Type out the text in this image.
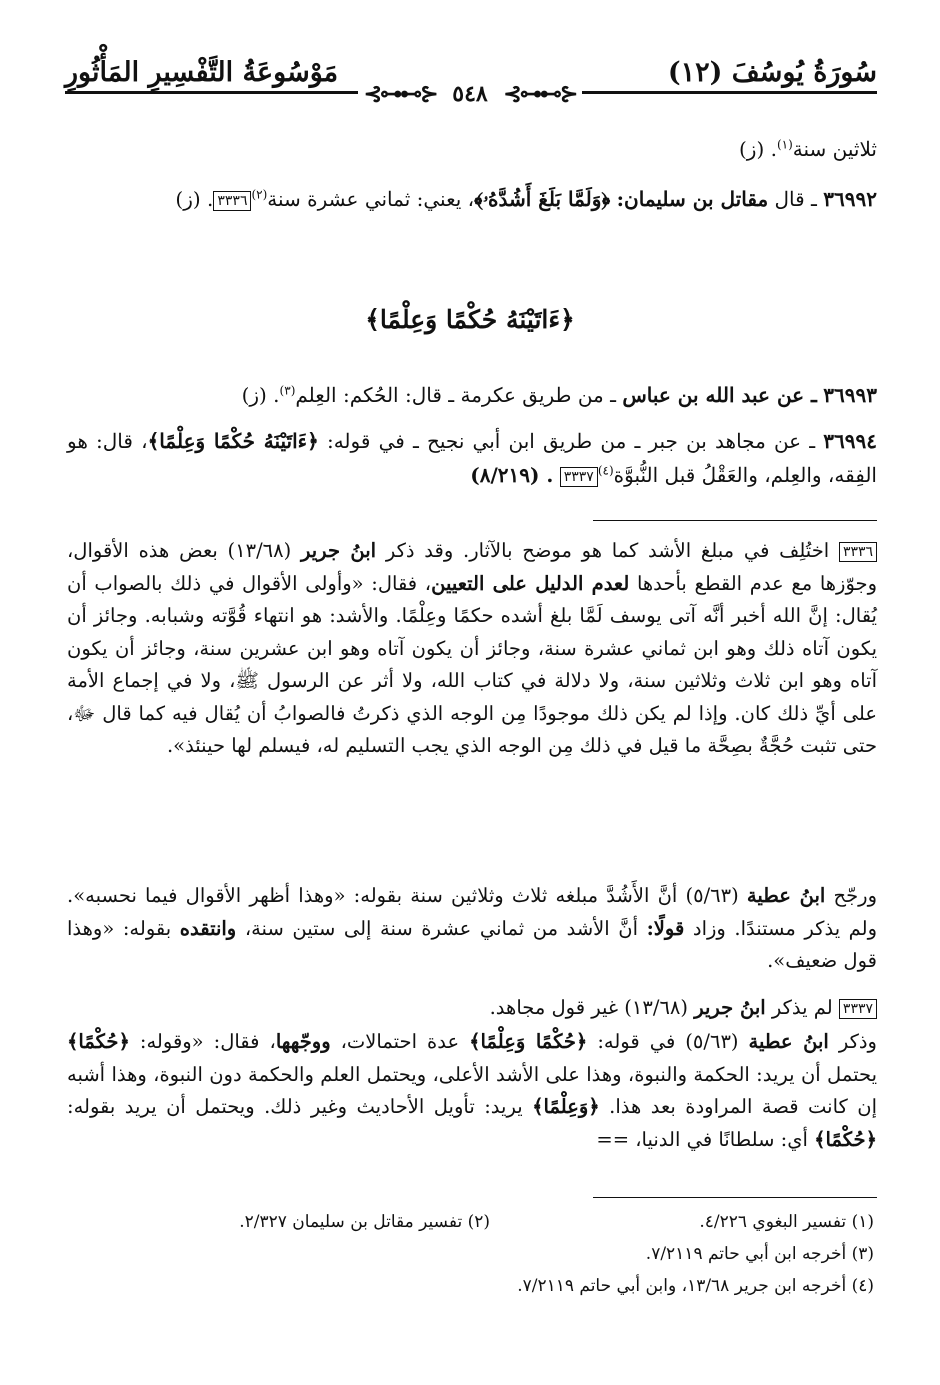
سُورَةُ يُوسُفَ (١٢)
مَوْسُوعَةُ التَّفْسِيرِ المَأْثُورِ
⊰⊶⊷⊱ ٥٤٨ ⊰⊶⊷⊱
ثلاثين سنة$^{(١)}$. (ز)
٣٦٩٩٢ ـ قال مقاتل بن سليمان: ﴿وَلَمَّا بَلَغَ أَشُدَّهُۥ﴾، يعني: ثماني عشرة سنة$^{(٢)}$٣٣٣٦. (ز)
﴿ءَاتَيْنَهُ حُكْمًا وَعِلْمًا﴾
٣٦٩٩٣ ـ عن عبد الله بن عباس ـ من طريق عكرمة ـ قال: الحُكم: العِلم$^{(٣)}$. (ز)
٣٦٩٩٤ ـ عن مجاهد بن جبر ـ من طريق ابن أبي نجيح ـ في قوله: ﴿ءَاتَيْنَهُ حُكْمًا وَعِلْمًا﴾، قال: هو الفِقه، والعِلم، والعَقْلُ قبل النُّبوَّة$^{(٤)}$٣٣٣٧ . (٨/٢١٩)
٣٣٣٦ اختُلِف في مبلغ الأشد كما هو موضح بالآثار. وقد ذكر ابنُ جرير (١٣/٦٨) بعض هذه الأقوال، وجوّزها مع عدم القطع بأحدها لعدم الدليل على التعيين، فقال: «وأولى الأقوال في ذلك بالصواب أن يُقال: إنَّ الله أخبر أنَّه آتى يوسف لَمَّا بلغ أشده حكمًا وعِلْمًا. والأشد: هو انتهاء قُوَّته وشبابه. وجائز أن يكون آتاه ذلك وهو ابن ثماني عشرة سنة، وجائز أن يكون آتاه وهو ابن عشرين سنة، وجائز أن يكون آتاه وهو ابن ثلاث وثلاثين سنة، ولا دلالة في كتاب الله، ولا أثر عن الرسول ﷺ، ولا في إجماع الأمة على أيِّ ذلك كان. وإذا لم يكن ذلك موجودًا مِن الوجه الذي ذكرتُ فالصوابُ أن يُقال فيه كما قال ﷻ، حتى تثبت حُجَّةٌ بصِحَّة ما قيل في ذلك مِن الوجه الذي يجب التسليم له، فيسلم لها حينئذ».
ورجّح ابنُ عطية (٥/٦٣) أنَّ الأَشُدَّ مبلغه ثلاث وثلاثين سنة بقوله: «وهذا أظهر الأقوال فيما نحسبه». ولم يذكر مستندًا. وزاد قولًا: أنَّ الأشد من ثماني عشرة سنة إلى ستين سنة، وانتقده بقوله: «وهذا قول ضعيف».
٣٣٣٧ لم يذكر ابنُ جرير (١٣/٦٨) غير قول مجاهد.
وذكر ابنُ عطية (٥/٦٣) في قوله: ﴿حُكْمًا وَعِلْمًا﴾ عدة احتمالات، ووجّهها، فقال: «وقوله: ﴿حُكْمًا﴾ يحتمل أن يريد: الحكمة والنبوة، وهذا على الأشد الأعلى، ويحتمل العلم والحكمة دون النبوة، وهذا أشبه إن كانت قصة المراودة بعد هذا. ﴿وَعِلْمًا﴾ يريد: تأويل الأحاديث وغير ذلك. ويحتمل أن يريد بقوله: ﴿حُكْمًا﴾ أي: سلطانًا في الدنيا، ==
(١) تفسير البغوي ٤/٢٢٦.
(٢) تفسير مقاتل بن سليمان ٢/٣٢٧.
(٣) أخرجه ابن أبي حاتم ٧/٢١١٩.
(٤) أخرجه ابن جرير ١٣/٦٨، وابن أبي حاتم ٧/٢١١٩.
